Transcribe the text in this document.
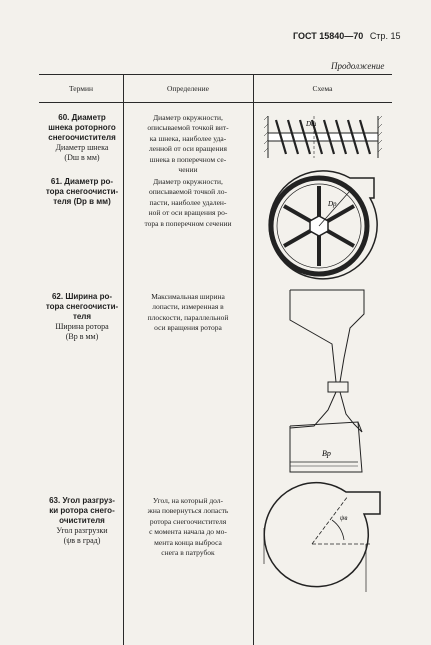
ГОСТ 15840—70 Стр. 15
Продолжение
Термин	Определение	Схема
60. Диаметр
шнека роторного
снегоочистителя
Диаметр шнека
(Dш в мм)
Диаметр окружности,
описываемой точкой вит-
ка шнека, наиболее уда-
ленной от оси вращения
шнека в поперечном се-
чении
61. Диаметр ро-
тора снегоочисти-
теля (Dр в мм)
Диаметр окружности,
описываемой точкой ло-
пасти, наиболее удален-
ной от оси вращения ро-
тора в поперечном сечении
62. Ширина ро-
тора снегоочисти-
теля
Ширина ротора
(Вр в мм)
Максимальная ширина
лопасти, измеренная в
плоскости, параллельной
оси вращения ротора
63. Угол разгруз-
ки ротора снего-
очистителя
Угол разгрузки
(ψв в град)
Угол, на который дол-
жна повернуться лопасть
ротора снегоочистителя
с момента начала до мо-
мента конца выброса
снега в патрубок
Dш
Dр
Bр
ψв
